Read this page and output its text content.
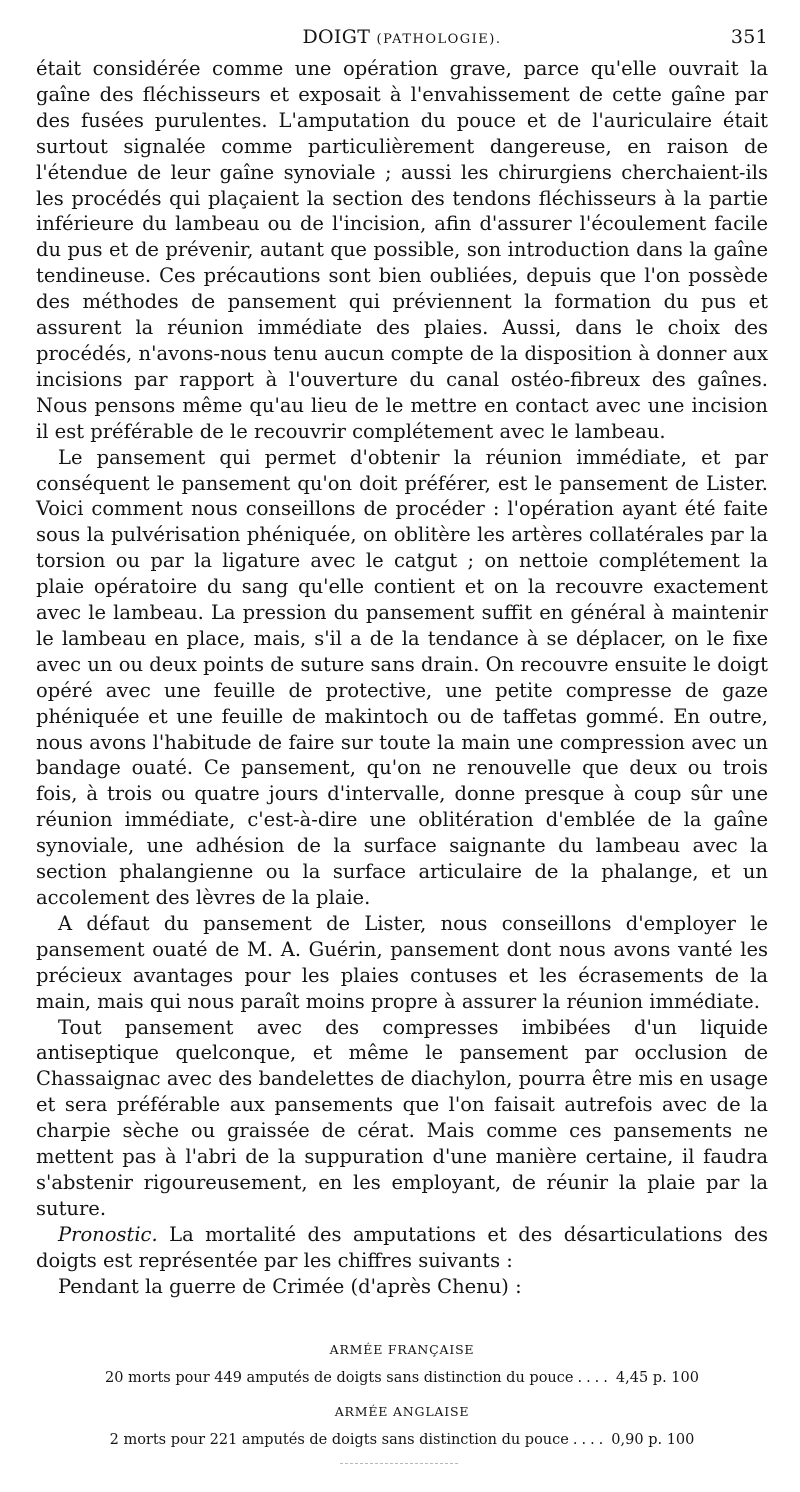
DOIGT (PATHOLOGIE).	351

était considérée comme une opération grave, parce qu'elle ouvrait la gaîne des fléchisseurs et exposait à l'envahissement de cette gaîne par des fusées purulentes. L'amputation du pouce et de l'auriculaire était surtout signalée comme particulièrement dangereuse, en raison de l'étendue de leur gaîne synoviale ; aussi les chirurgiens cherchaient-ils les procédés qui plaçaient la section des tendons fléchisseurs à la partie inférieure du lambeau ou de l'incision, afin d'assurer l'écoulement facile du pus et de prévenir, autant que possible, son introduction dans la gaîne tendineuse. Ces précautions sont bien oubliées, depuis que l'on possède des méthodes de pansement qui préviennent la formation du pus et assurent la réunion immédiate des plaies. Aussi, dans le choix des procédés, n'avons-nous tenu aucun compte de la disposition à donner aux incisions par rapport à l'ouverture du canal ostéo-fibreux des gaînes. Nous pensons même qu'au lieu de le mettre en contact avec une incision il est préférable de le recouvrir complétement avec le lambeau.

Le pansement qui permet d'obtenir la réunion immédiate, et par conséquent le pansement qu'on doit préférer, est le pansement de Lister. Voici comment nous conseillons de procéder : l'opération ayant été faite sous la pulvérisation phéniquée, on oblitère les artères collatérales par la torsion ou par la ligature avec le catgut ; on nettoie complétement la plaie opératoire du sang qu'elle contient et on la recouvre exactement avec le lambeau. La pression du pansement suffit en général à maintenir le lambeau en place, mais, s'il a de la tendance à se déplacer, on le fixe avec un ou deux points de suture sans drain. On recouvre ensuite le doigt opéré avec une feuille de protective, une petite compresse de gaze phéniquée et une feuille de makintoch ou de taffetas gommé. En outre, nous avons l'habitude de faire sur toute la main une compression avec un bandage ouaté. Ce pansement, qu'on ne renouvelle que deux ou trois fois, à trois ou quatre jours d'intervalle, donne presque à coup sûr une réunion immédiate, c'est-à-dire une oblitération d'emblée de la gaîne synoviale, une adhésion de la surface saignante du lambeau avec la section phalangienne ou la surface articulaire de la phalange, et un accolement des lèvres de la plaie.

A défaut du pansement de Lister, nous conseillons d'employer le pansement ouaté de M. A. Guérin, pansement dont nous avons vanté les précieux avantages pour les plaies contuses et les écrasements de la main, mais qui nous paraît moins propre à assurer la réunion immédiate.

Tout pansement avec des compresses imbibées d'un liquide antiseptique quelconque, et même le pansement par occlusion de Chassaignac avec des bandelettes de diachylon, pourra être mis en usage et sera préférable aux pansements que l'on faisait autrefois avec de la charpie sèche ou graissée de cérat. Mais comme ces pansements ne mettent pas à l'abri de la suppuration d'une manière certaine, il faudra s'abstenir rigoureusement, en les employant, de réunir la plaie par la suture.

Pronostic. La mortalité des amputations et des désarticulations des doigts est représentée par les chiffres suivants :

Pendant la guerre de Crimée (d'après Chenu) :

ARMÉE FRANÇAISE
20 morts pour 449 amputés de doigts sans distinction du pouce .... 4,45 p. 100
ARMÉE ANGLAISE
2 morts pour 221 amputés de doigts sans distinction du pouce .... 0,90 p. 100
